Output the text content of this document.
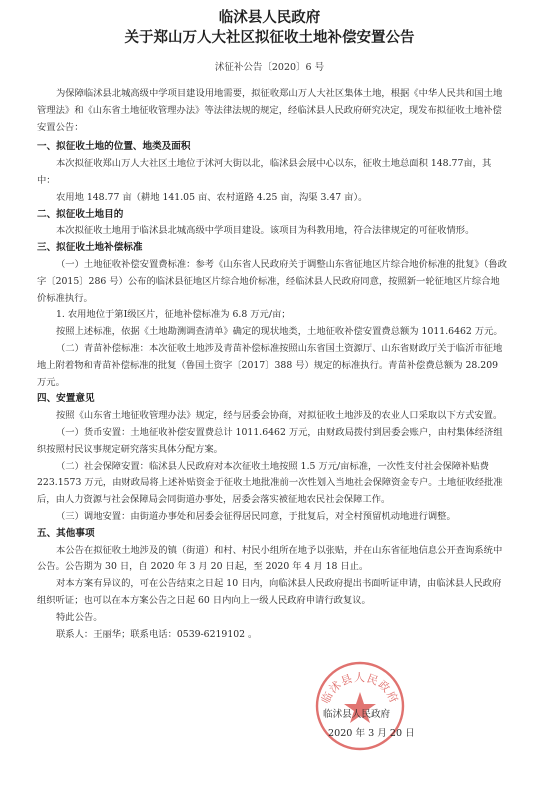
临沭县人民政府
关于郑山万人大社区拟征收土地补偿安置公告
沭征补公告〔2020〕6 号

为保障临沭县北城高级中学项目建设用地需要，拟征收郑山万人大社区集体土地，根据《中华人民共和国土地管理法》和《山东省土地征收管理办法》等法律法规的规定，经临沭县人民政府研究决定，现发布拟征收土地补偿安置公告：

一、拟征收土地的位置、地类及面积

本次拟征收郑山万人大社区土地位于沭河大街以北，临沭县会展中心以东，征收土地总面积 148.77亩，其中：

农用地 148.77 亩（耕地 141.05 亩、农村道路 4.25 亩，沟渠 3.47 亩）。

二、拟征收土地目的

本次拟征收土地用于临沭县北城高级中学项目建设。该项目为科教用地，符合法律规定的可征收情形。

三、拟征收土地补偿标准

（一）土地征收补偿安置费标准：参考《山东省人民政府关于调整山东省征地区片综合地价标准的批复》（鲁政字〔2015〕286 号）公布的临沭县征地区片综合地价标准，经临沭县人民政府同意，按照新一轮征地区片综合地价标准执行。

1. 农用地位于第I级区片，征地补偿标准为 6.8 万元/亩；

按照上述标准，依据《土地勘测调查清单》确定的现状地类，土地征收补偿安置费总额为 1011.6462 万元。

（二）青苗补偿标准：本次征收土地涉及青苗补偿标准按照山东省国土资源厅、山东省财政厅关于临沂市征地地上附着物和青苗补偿标准的批复（鲁国土资字〔2017〕388 号）规定的标准执行。青苗补偿费总额为 28.209 万元。

四、安置意见

按照《山东省土地征收管理办法》规定，经与居委会协商，对拟征收土地涉及的农业人口采取以下方式安置。

（一）货币安置：土地征收补偿安置费总计 1011.6462 万元，由财政局拨付到居委会账户，由村集体经济组织按照村民议事规定研究落实具体分配方案。

（二）社会保障安置：临沭县人民政府对本次征收土地按照 1.5 万元/亩标准，一次性支付社会保障补贴费 223.1573 万元，由财政局将上述补贴资金于征收土地批准前一次性划入当地社会保障资金专户。土地征收经批准后，由人力资源与社会保障局会同街道办事处，居委会落实被征地农民社会保障工作。

（三）调地安置：由街道办事处和居委会征得居民同意，于批复后，对全村预留机动地进行调整。

五、其他事项

本公告在拟征收土地涉及的镇（街道）和村、村民小组所在地予以张贴，并在山东省征地信息公开查询系统中公告。公告期为 30 日，自 2020 年 3 月 20 日起，至 2020 年 4 月 18 日止。

对本方案有异议的，可在公告结束之日起 10 日内，向临沭县人民政府提出书面听证申请，由临沭县人民政府组织听证；也可以在本方案公告之日起 60 日内向上一级人民政府申请行政复议。

特此公告。

联系人：王丽华；联系电话：0539-6219102 。

临沭县人民政府
临沭县人民政府
2020 年 3 月 20 日
